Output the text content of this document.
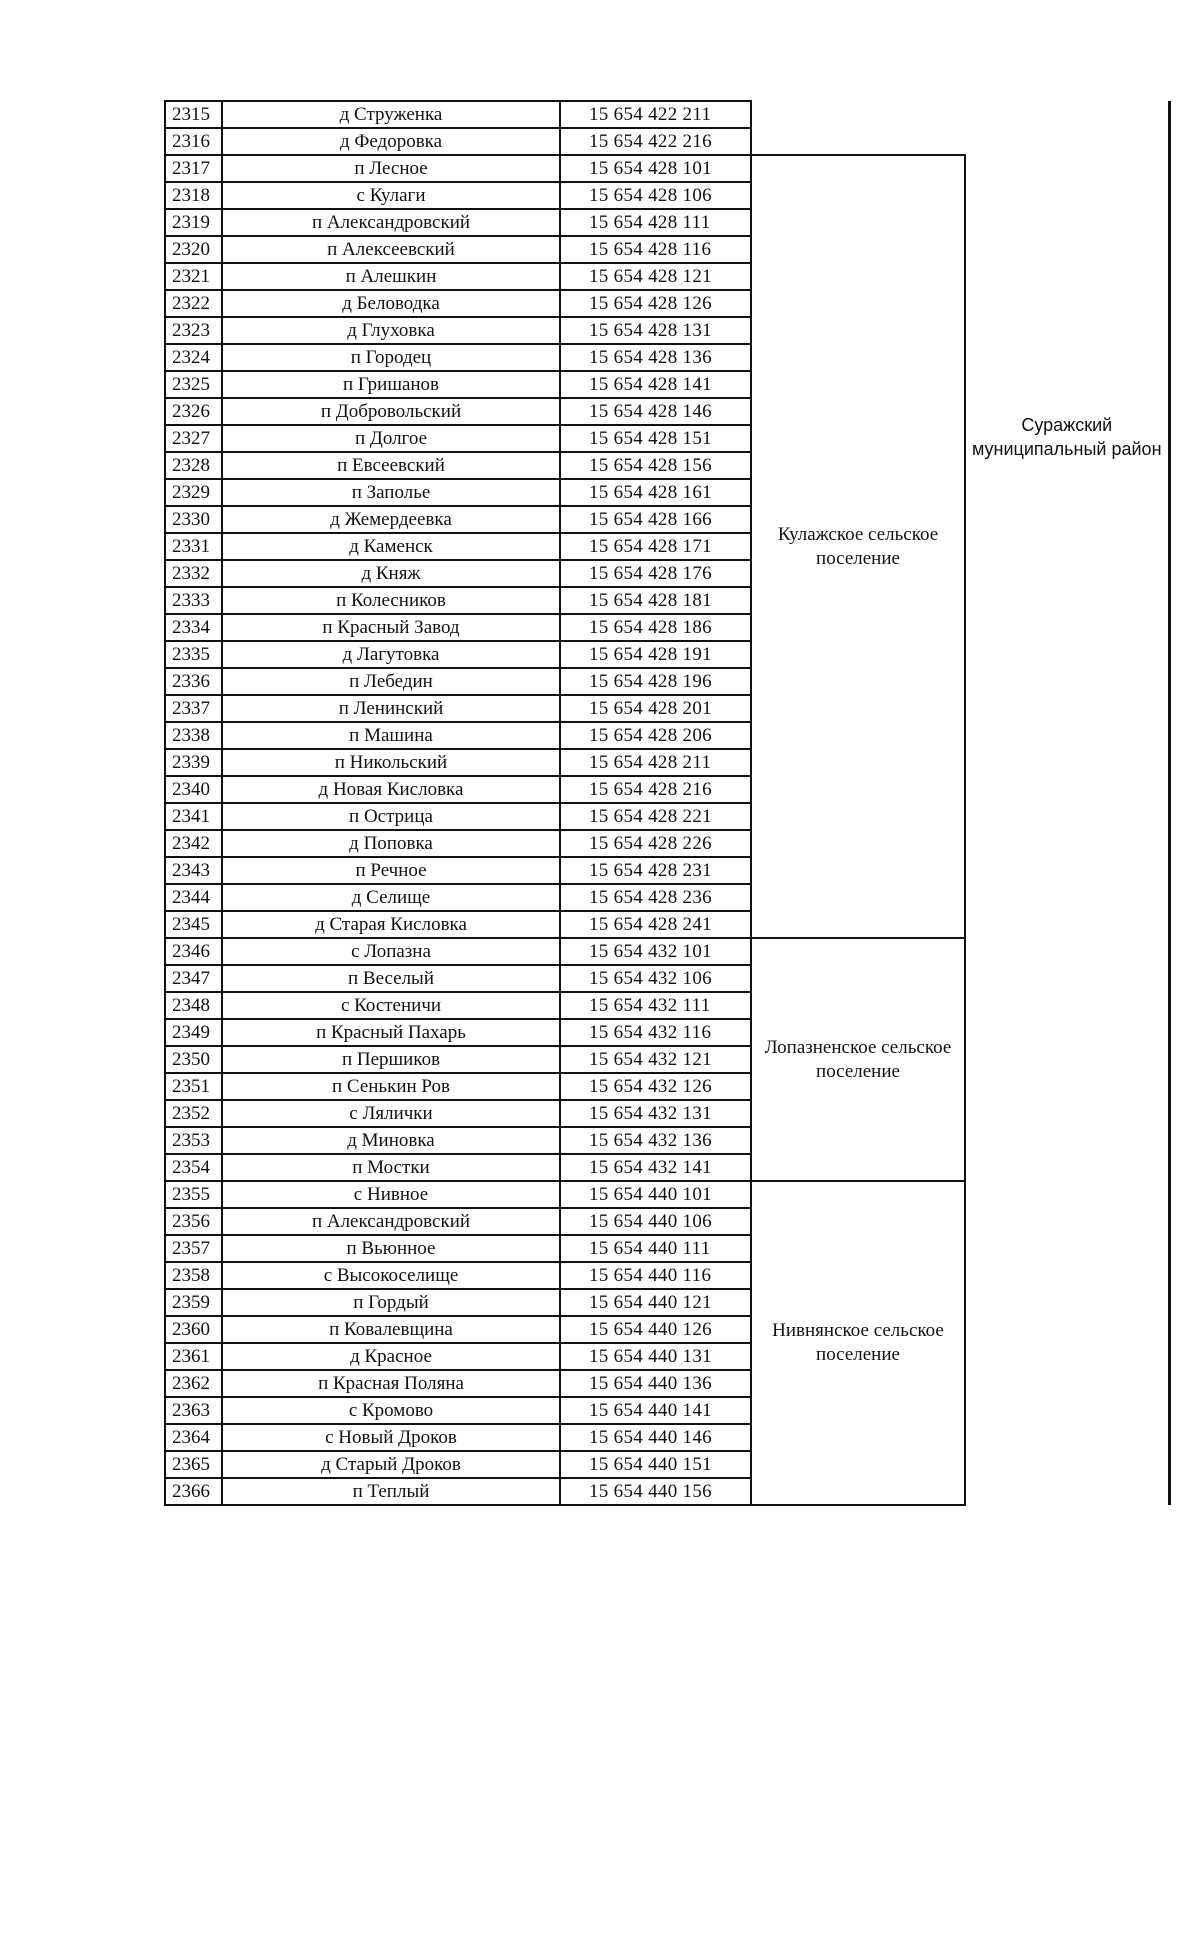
2315	д Струженка	15 654 422 211		Суражский муниципальный район

2316	д Федоровка	15 654 422 216		
2317	п Лесное	15 654 428 101	Кулажское сельское поселение	
2318	с Кулаги	15 654 428 106		
2319	п Александровский	15 654 428 111		
2320	п Алексеевский	15 654 428 116		
2321	п Алешкин	15 654 428 121		
2322	д Беловодка	15 654 428 126		
2323	д Глуховка	15 654 428 131		
2324	п Городец	15 654 428 136		
2325	п Гришанов	15 654 428 141		
2326	п Добровольский	15 654 428 146		
2327	п Долгое	15 654 428 151		
2328	п Евсеевский	15 654 428 156		
2329	п Заполье	15 654 428 161		
2330	д Жемердеевка	15 654 428 166		
2331	д Каменск	15 654 428 171		
2332	д Княж	15 654 428 176		
2333	п Колесников	15 654 428 181		
2334	п Красный Завод	15 654 428 186		
2335	д Лагутовка	15 654 428 191		
2336	п Лебедин	15 654 428 196		
2337	п Ленинский	15 654 428 201		
2338	п Машина	15 654 428 206		
2339	п Никольский	15 654 428 211		
2340	д Новая Кисловка	15 654 428 216		
2341	п Острица	15 654 428 221		
2342	д Поповка	15 654 428 226		
2343	п Речное	15 654 428 231		
2344	д Селище	15 654 428 236		
2345	д Старая Кисловка	15 654 428 241		
2346	с Лопазна	15 654 432 101	Лопазненское сельское поселение	
2347	п Веселый	15 654 432 106		
2348	с Костеничи	15 654 432 111		
2349	п Красный Пахарь	15 654 432 116		
2350	п Першиков	15 654 432 121		
2351	п Сенькин Ров	15 654 432 126		
2352	с Лялички	15 654 432 131		
2353	д Миновка	15 654 432 136		
2354	п Мостки	15 654 432 141		
2355	с Нивное	15 654 440 101	Нивнянское сельское поселение	
2356	п Александровский	15 654 440 106		
2357	п Вьюнное	15 654 440 111		
2358	с Высокоселище	15 654 440 116		
2359	п Гордый	15 654 440 121		
2360	п Ковалевщина	15 654 440 126		
2361	д Красное	15 654 440 131		
2362	п Красная Поляна	15 654 440 136		
2363	с Кромово	15 654 440 141		
2364	с Новый Дроков	15 654 440 146		
2365	д Старый Дроков	15 654 440 151		
2366	п Теплый	15 654 440 156		
